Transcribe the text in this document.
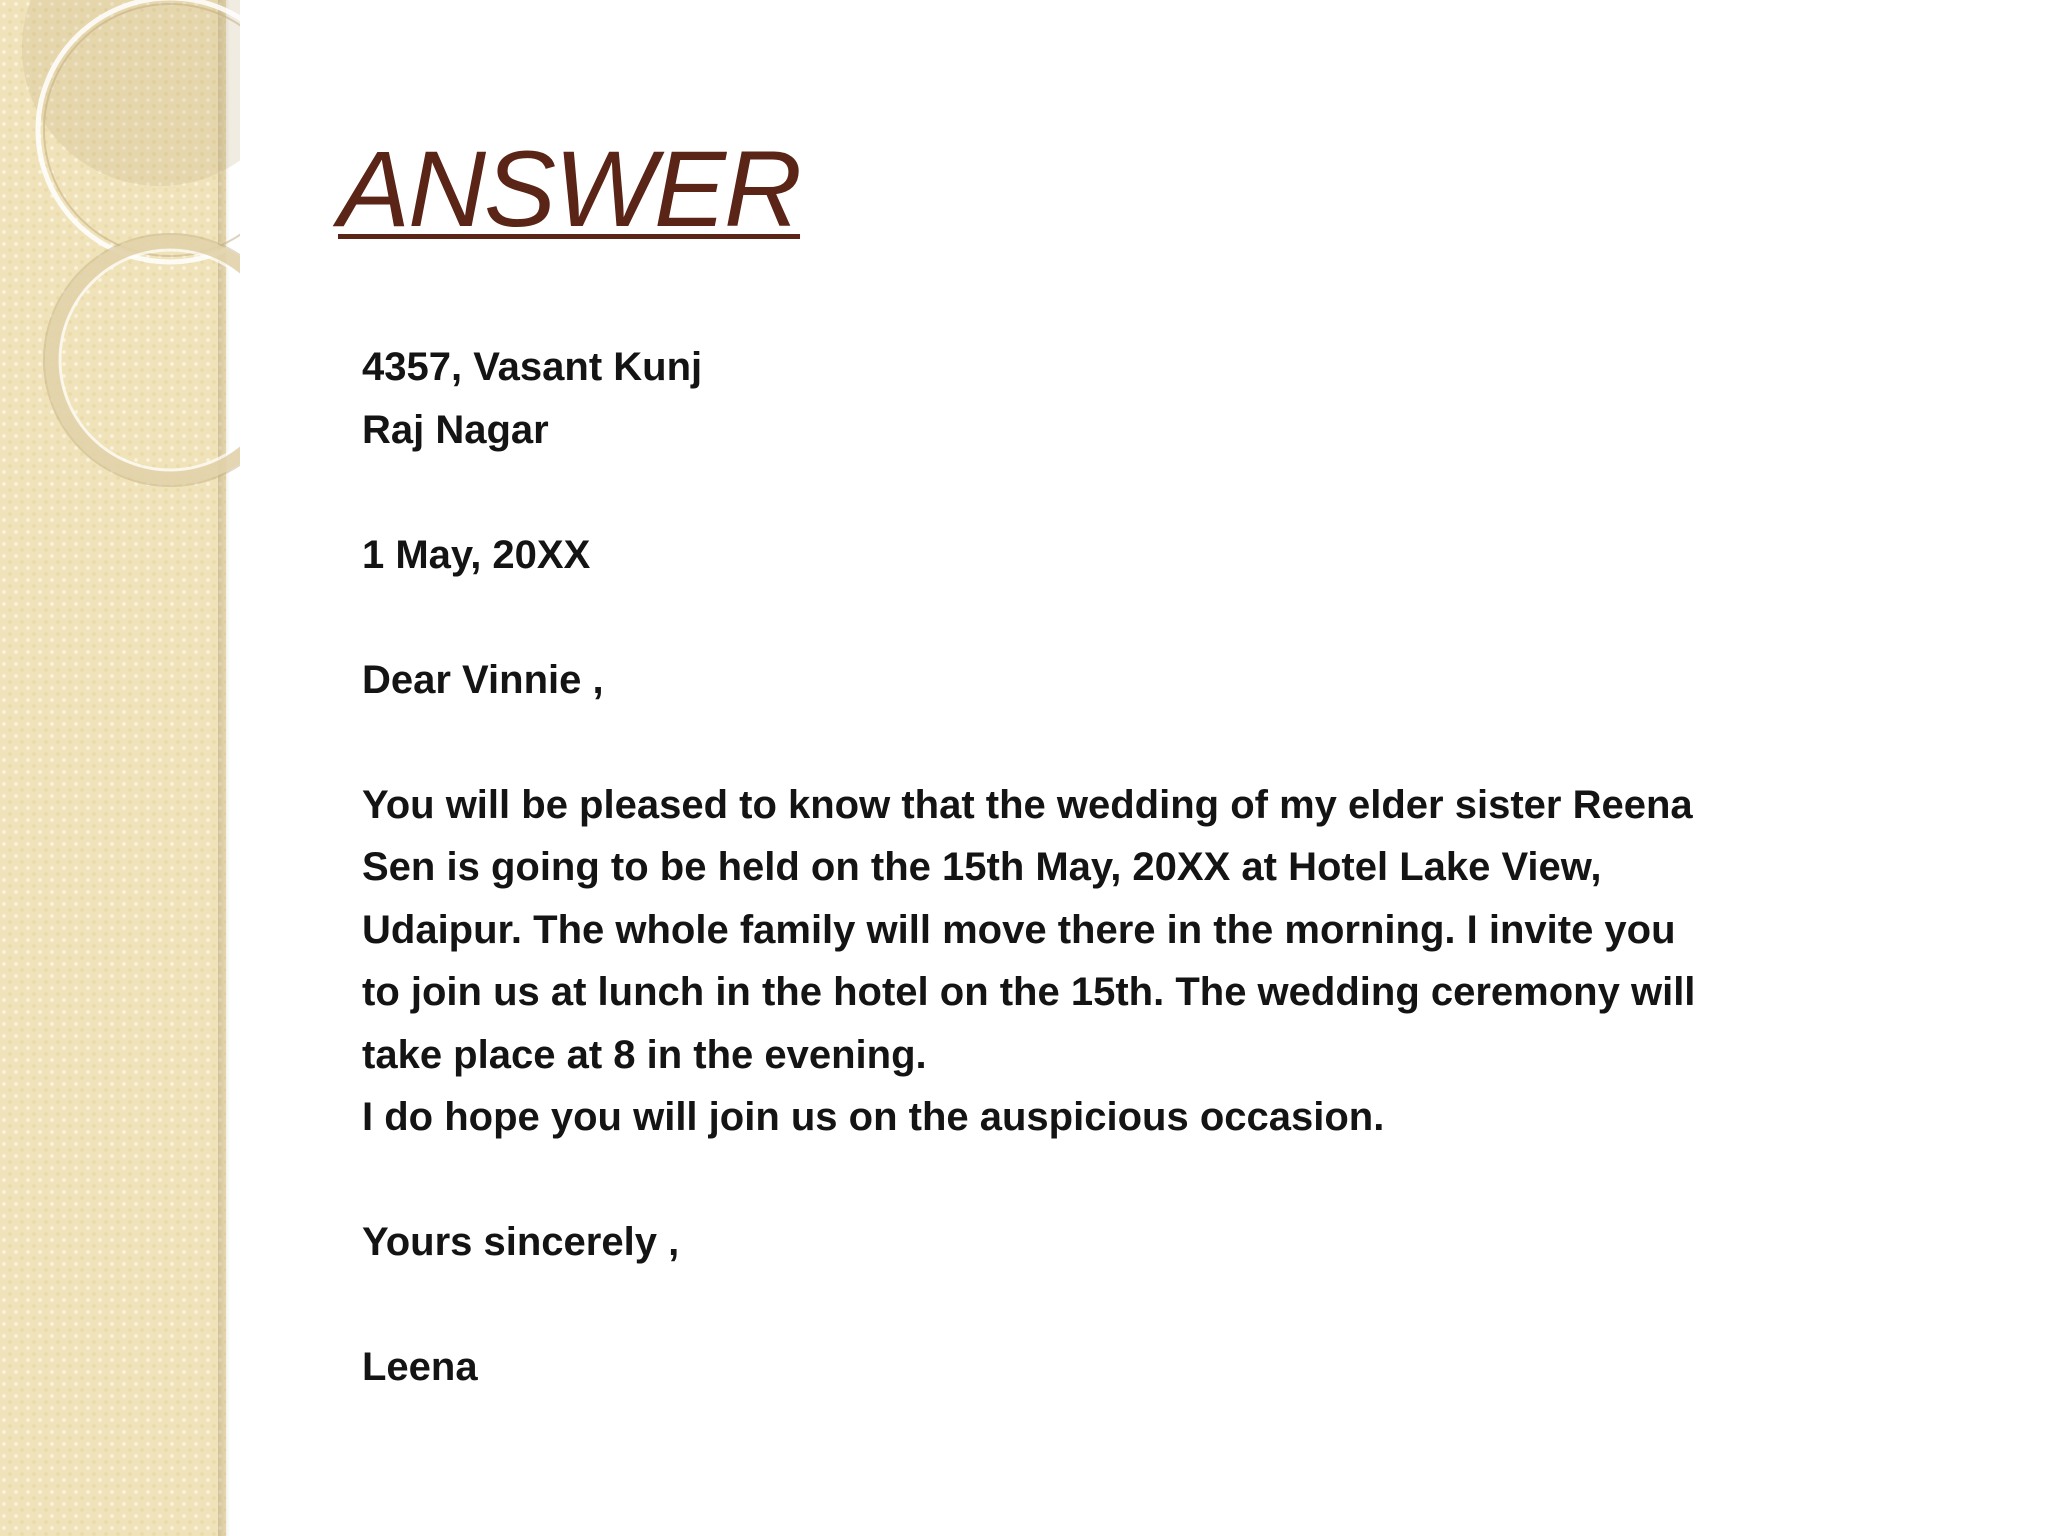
ANSWER

4357, Vasant Kunj

Raj Nagar

1 May, 20XX

Dear Vinnie ,

You will be pleased to know that the wedding of my elder sister Reena

Sen is going to be held on the 15th May, 20XX at Hotel Lake View,

Udaipur. The whole family will move there in the morning. I invite you

to join us at lunch in the hotel on the 15th. The wedding ceremony will

take place at 8 in the evening.

I do hope you will join us on the auspicious occasion.

Yours sincerely ,

Leena
